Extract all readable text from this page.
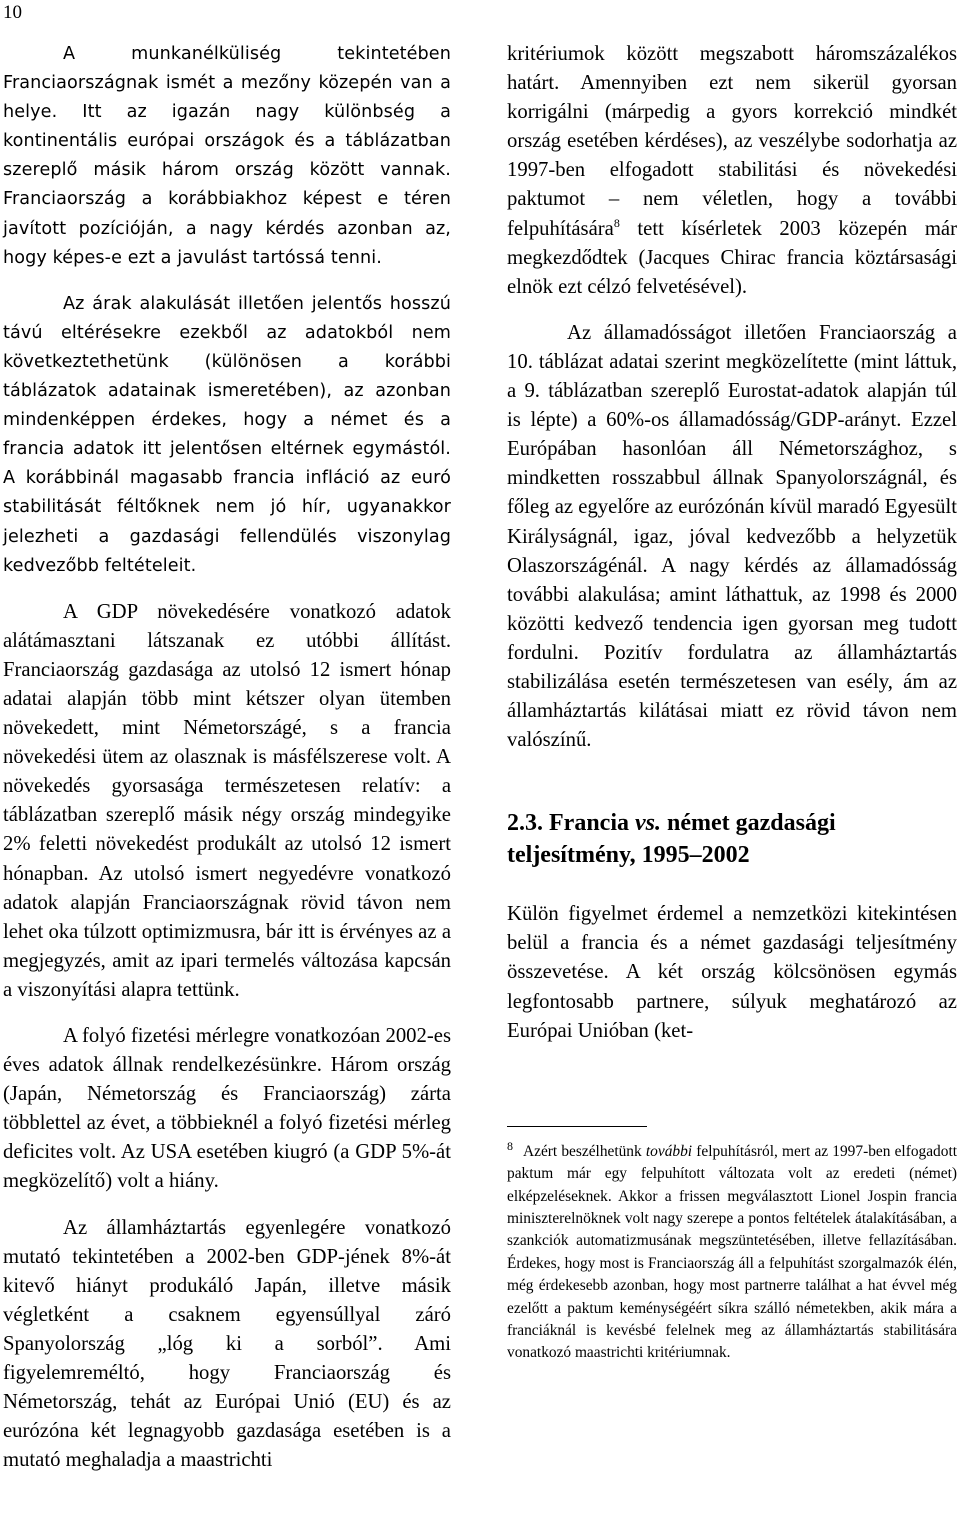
10

A munkanélküliség tekintetében Franciaországnak ismét a mezőny közepén van a helye. Itt az igazán nagy különbség a kontinentális európai országok és a táblázatban szereplő másik három ország között vannak. Franciaország a korábbiakhoz képest e téren javított pozícióján, a nagy kérdés azonban az, hogy képes-e ezt a javulást tartóssá tenni.

Az árak alakulását illetően jelentős hosszú távú eltérésekre ezekből az adatokból nem következtethetünk (különösen a korábbi táblázatok adatainak ismeretében), az azonban mindenképpen érdekes, hogy a német és a francia adatok itt jelentősen eltérnek egymástól. A korábbinál magasabb francia infláció az euró stabilitását féltőknek nem jó hír, ugyanakkor jelezheti a gazdasági fellendülés viszonylag kedvezőbb feltételeit.

A GDP növekedésére vonatkozó adatok alátámasztani látszanak ez utóbbi állítást. Franciaország gazdasága az utolsó 12 ismert hónap adatai alapján több mint kétszer olyan ütemben növekedett, mint Németországé, s a francia növekedési ütem az olasznak is másfélszerese volt. A növekedés gyorsasága természetesen relatív: a táblázatban szereplő másik négy ország mindegyike 2% feletti növekedést produkált az utolsó 12 ismert hónapban. Az utolsó ismert negyedévre vonatkozó adatok alapján Franciaországnak rövid távon nem lehet oka túlzott optimizmusra, bár itt is érvényes az a megjegyzés, amit az ipari termelés változása kapcsán a viszonyítási alapra tettünk.

A folyó fizetési mérlegre vonatkozóan 2002-es éves adatok állnak rendelkezésünkre. Három ország (Japán, Németország és Franciaország) zárta többlettel az évet, a többieknél a folyó fizetési mérleg deficites volt. Az USA esetében kiugró (a GDP 5%-át megközelítő) volt a hiány.

Az államháztartás egyenlegére vonatkozó mutató tekintetében a 2002-ben GDP-jének 8%-át kitevő hiányt produkáló Japán, illetve másik végletként a csaknem egyensúllyal záró Spanyolország „lóg ki a sorból”. Ami figyelemreméltó, hogy Franciaország és Németország, tehát az Európai Unió (EU) és az eurózóna két legnagyobb gazdasága esetében is a mutató meghaladja a maastrichti

kritériumok között megszabott háromszázalékos határt. Amennyiben ezt nem sikerül gyorsan korrigálni (márpedig a gyors korrekció mindkét ország esetében kérdéses), az veszélybe sodorhatja az 1997-ben elfogadott stabilitási és növekedési paktumot – nem véletlen, hogy a további felpuhítására$^8$ tett kísérletek 2003 közepén már megkezdődtek (Jacques Chirac francia köztársasági elnök ezt célzó felvetésével).

Az államadósságot illetően Franciaország a 10. táblázat adatai szerint megközelítette (mint láttuk, a 9. táblázatban szereplő Eurostat-adatok alapján túl is lépte) a 60%-os államadósság/GDP-arányt. Ezzel Európában hasonlóan áll Németországhoz, s mindketten rosszabbul állnak Spanyolországnál, és főleg az egyelőre az eurózónán kívül maradó Egyesült Királyságnál, igaz, jóval kedvezőbb a helyzetük Olaszországénál. A nagy kérdés az államadósság további alakulása; amint láthattuk, az 1998 és 2000 közötti kedvező tendencia igen gyorsan meg tudott fordulni. Pozitív fordulatra az államháztartás stabilizálása esetén természetesen van esély, ám az államháztartás kilátásai miatt ez rövid távon nem valószínű.

2.3. Francia vs. német gazdasági teljesítmény, 1995–2002

Külön figyelmet érdemel a nemzetközi kitekintésen belül a francia és a német gazdasági teljesítmény összevetése. A két ország kölcsönösen egymás legfontosabb partnere, súlyuk meghatározó az Európai Unióban (ket-

$^8$ Azért beszélhetünk további felpuhításról, mert az 1997-ben elfogadott paktum már egy felpuhított változata volt az eredeti (német) elképzeléseknek. Akkor a frissen megválasztott Lionel Jospin francia miniszterelnöknek volt nagy szerepe a pontos feltételek átalakításában, a szankciók automatizmusának megszüntetésében, illetve fellazításában. Érdekes, hogy most is Franciaország áll a felpuhítást szorgalmazók élén, még érdekesebb azonban, hogy most partnerre találhat a hat évvel még ezelőtt a paktum keménységéért síkra szálló németekben, akik mára a franciáknál is kevésbé felelnek meg az államháztartás stabilitására vonatkozó maastrichti kritériumnak.
